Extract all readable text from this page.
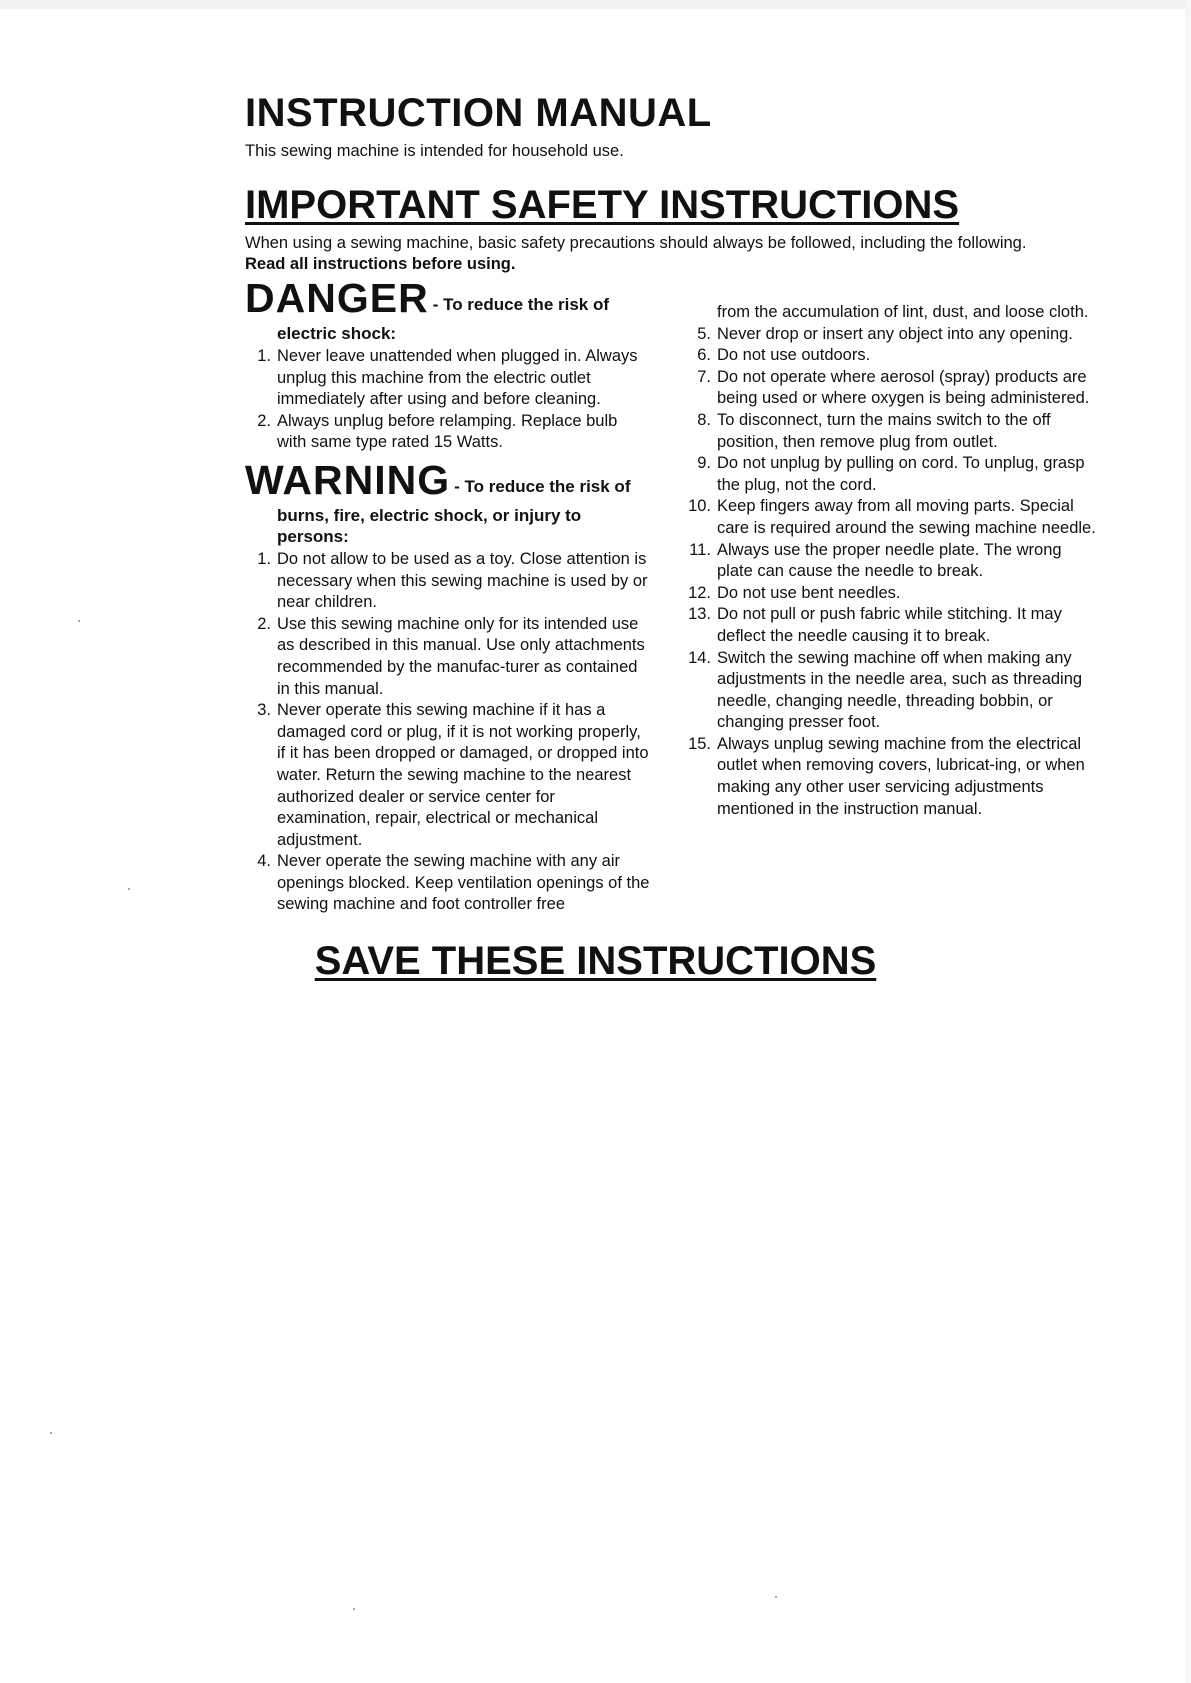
INSTRUCTION MANUAL

This sewing machine is intended for household use.

IMPORTANT SAFETY INSTRUCTIONS

When using a sewing machine, basic safety precautions should always be followed, including the following.
Read all instructions before using.

DANGER - To reduce the risk of

electric shock:

1. Never leave unattended when plugged in. Always unplug this machine from the electric outlet immediately after using and before cleaning.
2. Always unplug before relamping. Replace bulb with same type rated 15 Watts.

WARNING - To reduce the risk of

burns, fire, electric shock, or injury to persons:

1. Do not allow to be used as a toy. Close attention is necessary when this sewing machine is used by or near children.
2. Use this sewing machine only for its intended use as described in this manual. Use only attachments recommended by the manufac-turer as contained in this manual.
3. Never operate this sewing machine if it has a damaged cord or plug, if it is not working properly, if it has been dropped or damaged, or dropped into water. Return the sewing machine to the nearest authorized dealer or service center for examination, repair, electrical or mechanical adjustment.
4. Never operate the sewing machine with any air openings blocked. Keep ventilation openings of the sewing machine and foot controller free

from the accumulation of lint, dust, and loose cloth.

5. Never drop or insert any object into any opening.
6. Do not use outdoors.
7. Do not operate where aerosol (spray) products are being used or where oxygen is being administered.
8. To disconnect, turn the mains switch to the off position, then remove plug from outlet.
9. Do not unplug by pulling on cord. To unplug, grasp the plug, not the cord.
10. Keep fingers away from all moving parts. Special care is required around the sewing machine needle.
11. Always use the proper needle plate. The wrong plate can cause the needle to break.
12. Do not use bent needles.
13. Do not pull or push fabric while stitching. It may deflect the needle causing it to break.
14. Switch the sewing machine off when making any adjustments in the needle area, such as threading needle, changing needle, threading bobbin, or changing presser foot.
15. Always unplug sewing machine from the electrical outlet when removing covers, lubricat-ing, or when making any other user servicing adjustments mentioned in the instruction manual.
SAVE THESE INSTRUCTIONS
